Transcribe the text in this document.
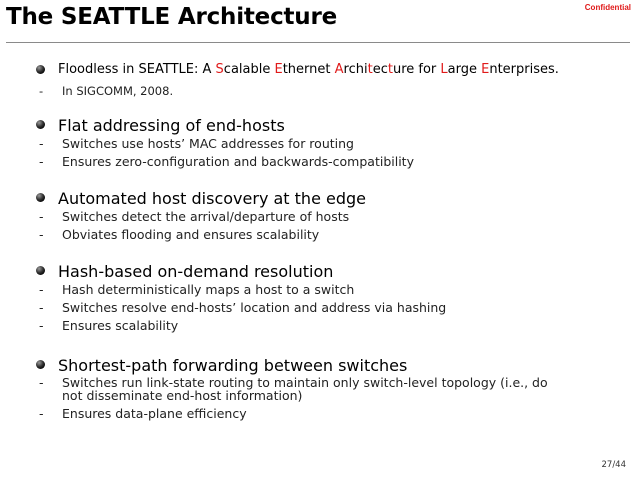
The SEATTLE Architecture	Confidential
Floodless in SEATTLE: A Scalable Ethernet Architecture for Large Enterprises.
- In SIGCOMM, 2008.
Flat addressing of end-hosts
- Switches use hosts’ MAC addresses for routing
- Ensures zero-configuration and backwards-compatibility
Automated host discovery at the edge
- Switches detect the arrival/departure of hosts
- Obviates flooding and ensures scalability
Hash-based on-demand resolution
- Hash deterministically maps a host to a switch
- Switches resolve end-hosts’ location and address via hashing
- Ensures scalability
Shortest-path forwarding between switches
- Switches run link-state routing to maintain only switch-level topology (i.e., do not disseminate end-host information)
- Ensures data-plane efficiency
27/44
